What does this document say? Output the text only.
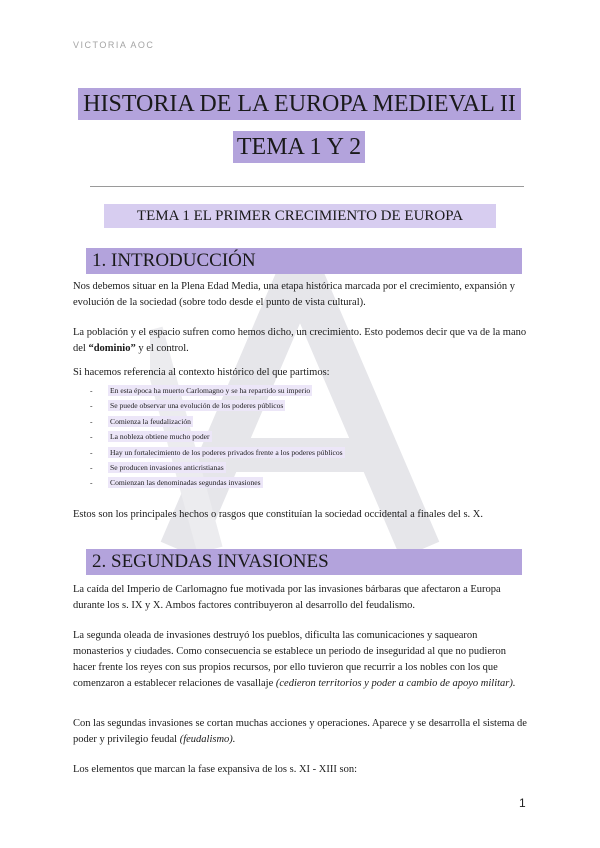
VICTORIA AOC
HISTORIA DE LA EUROPA MEDIEVAL II
TEMA 1 Y 2
TEMA 1 EL PRIMER CRECIMIENTO DE EUROPA
1. INTRODUCCIÓN
Nos debemos situar en la Plena Edad Media, una etapa histórica marcada por el crecimiento, expansión y evolución de la sociedad (sobre todo desde el punto de vista cultural).
La población y el espacio sufren como hemos dicho, un crecimiento. Esto podemos decir que va de la mano del “dominio” y el control.
Si hacemos referencia al contexto histórico del que partimos:
- En esta época ha muerto Carlomagno y se ha repartido su imperio
- Se puede observar una evolución de los poderes públicos
- Comienza la feudalización
- La nobleza obtiene mucho poder
- Hay un fortalecimiento de los poderes privados frente a los poderes públicos
- Se producen invasiones anticristianas
- Comienzan las denominadas segundas invasiones
Estos son los principales hechos o rasgos que constituían la sociedad occidental a finales del s. X.
2. SEGUNDAS INVASIONES
La caída del Imperio de Carlomagno fue motivada por las invasiones bárbaras que afectaron a Europa durante los s. IX y X. Ambos factores contribuyeron al desarrollo del feudalismo.
La segunda oleada de invasiones destruyó los pueblos, dificulta las comunicaciones y saquearon monasterios y ciudades. Como consecuencia se establece un periodo de inseguridad al que no pudieron hacer frente los reyes con sus propios recursos, por ello tuvieron que recurrir a los nobles con los que comenzaron a establecer relaciones de vasallaje (cedieron territorios y poder a cambio de apoyo militar).
Con las segundas invasiones se cortan muchas acciones y operaciones. Aparece y se desarrolla el sistema de poder y privilegio feudal (feudalismo).
Los elementos que marcan la fase expansiva de los s. XI - XIII son:
1
